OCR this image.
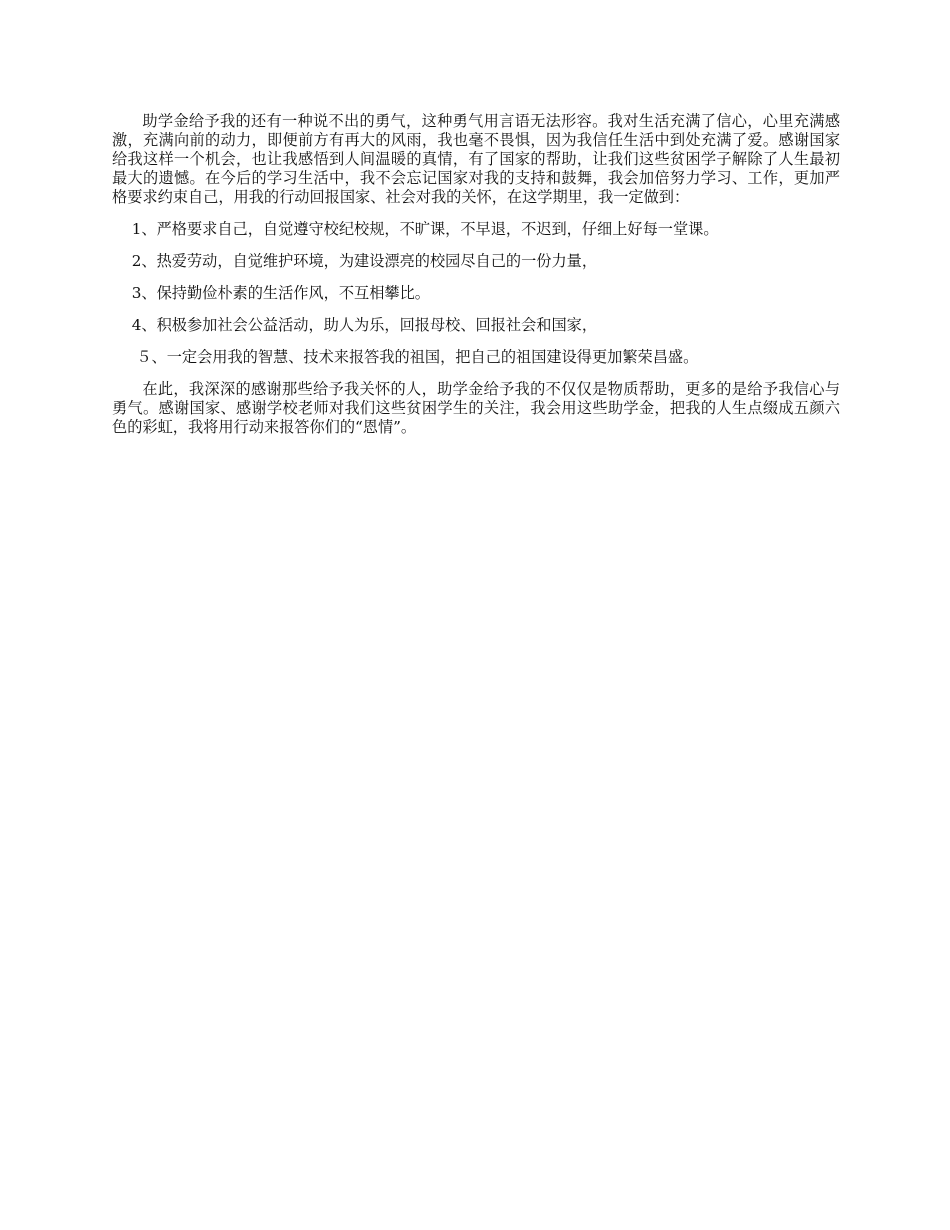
助学金给予我的还有一种说不出的勇气，这种勇气用言语无法形容。我对生活充满了信心，心里充满感激，充满向前的动力，即便前方有再大的风雨，我也毫不畏惧，因为我信任生活中到处充满了爱。感谢国家给我这样一个机会，也让我感悟到人间温暖的真情，有了国家的帮助，让我们这些贫困学子解除了人生最初最大的遗憾。在今后的学习生活中，我不会忘记国家对我的支持和鼓舞，我会加倍努力学习、工作，更加严格要求约束自己，用我的行动回报国家、社会对我的关怀，在这学期里，我一定做到：

1、严格要求自己，自觉遵守校纪校规，不旷课，不早退，不迟到，仔细上好每一堂课。

2、热爱劳动，自觉维护环境，为建设漂亮的校园尽自己的一份力量，

3、保持勤俭朴素的生活作风，不互相攀比。

4、积极参加社会公益活动，助人为乐，回报母校、回报社会和国家，

５、一定会用我的智慧、技术来报答我的祖国，把自己的祖国建设得更加繁荣昌盛。

在此，我深深的感谢那些给予我关怀的人，助学金给予我的不仅仅是物质帮助，更多的是给予我信心与勇气。感谢国家、感谢学校老师对我们这些贫困学生的关注，我会用这些助学金，把我的人生点缀成五颜六色的彩虹，我将用行动来报答你们的“恩情”。
